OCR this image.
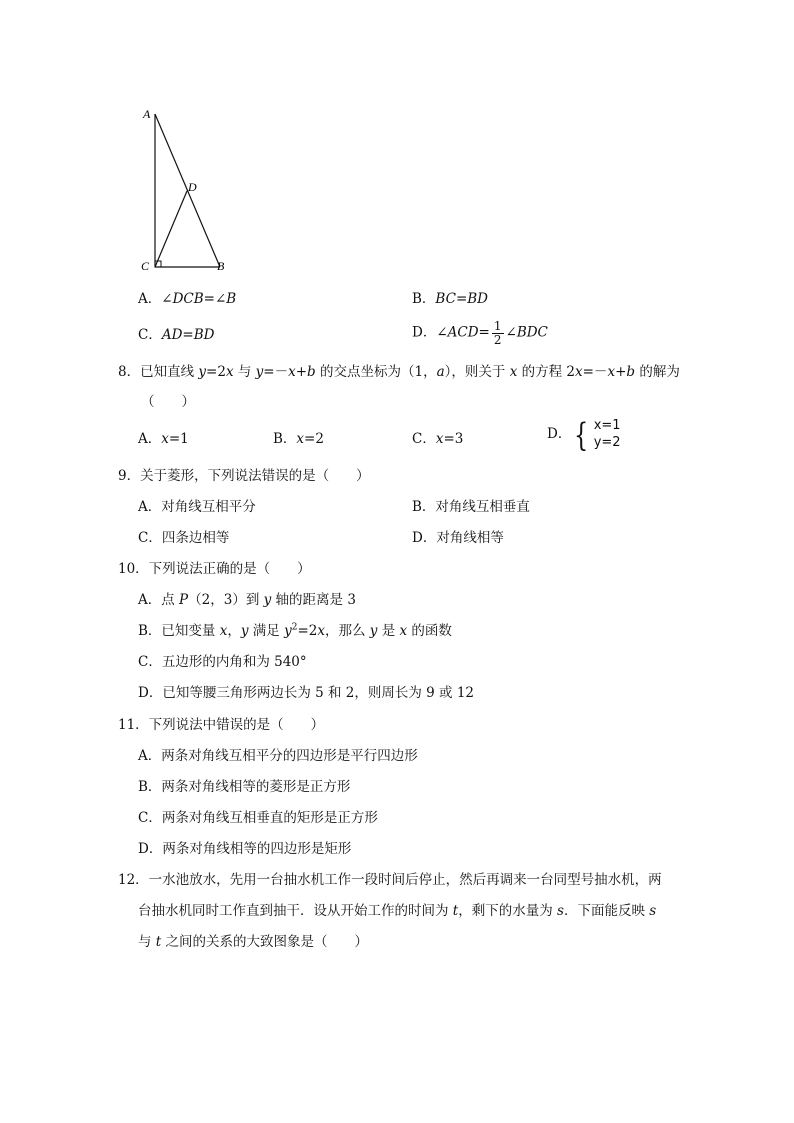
A
D
C	B
A．∠DCB=∠B	B．BC=BD
C．AD=BD	D．∠ACD= $\frac{1}{2}$ ∠BDC
8．已知直线 y=2x 与 y=－x+b 的交点坐标为（1，a），则关于 x 的方程 2x=－x+b 的解为
（　　）
A．x=1	B．x=2	C．x=3	D．{ x=1
y=2
9．关于菱形，下列说法错误的是（　　）
A．对角线互相平分	B．对角线互相垂直
C．四条边相等	D．对角线相等
10．下列说法正确的是（　　）
A．点 P（2，3）到 y 轴的距离是 3
B．已知变量 x，y 满足 $y^2=2x$，那么 y 是 x 的函数
C．五边形的内角和为 540°
D．已知等腰三角形两边长为 5 和 2，则周长为 9 或 12
11．下列说法中错误的是（　　）
A．两条对角线互相平分的四边形是平行四边形
B．两条对角线相等的菱形是正方形
C．两条对角线互相垂直的矩形是正方形
D．两条对角线相等的四边形是矩形
12．一水池放水，先用一台抽水机工作一段时间后停止，然后再调来一台同型号抽水机，两
台抽水机同时工作直到抽干．设从开始工作的时间为 t，剩下的水量为 s．下面能反映 s
与 t 之间的关系的大致图象是（　　）
